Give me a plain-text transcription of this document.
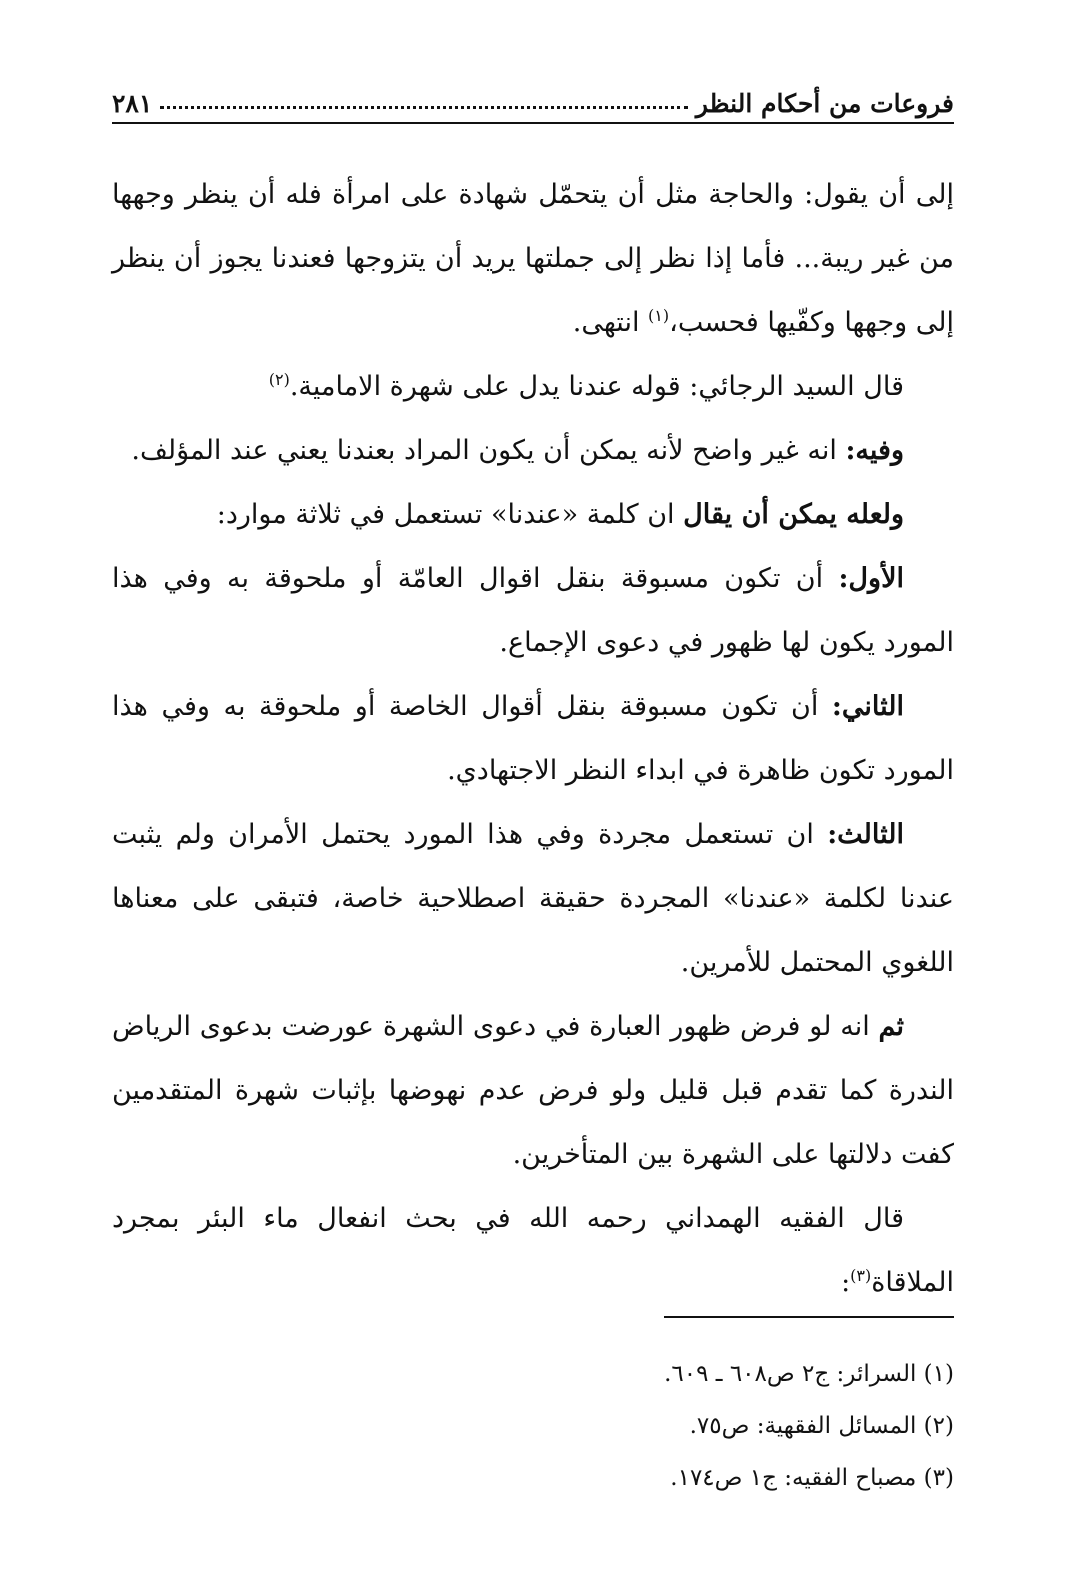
فروعات من أحكام النظر
٢٨١

إلى أن يقول: والحاجة مثل أن يتحمّل شهادة على امرأة فله أن ينظر وجهها من غير ريبة... فأما إذا نظر إلى جملتها يريد أن يتزوجها فعندنا يجوز أن ينظر إلى وجهها وكفّيها فحسب،$^{(١)}$ انتهى.

قال السيد الرجائي: قوله عندنا يدل على شهرة الامامية.$^{(٢)}$

وفيه: انه غير واضح لأنه يمكن أن يكون المراد بعندنا يعني عند المؤلف.

ولعله يمكن أن يقال ان كلمة «عندنا» تستعمل في ثلاثة موارد:

الأول: أن تكون مسبوقة بنقل اقوال العامّة أو ملحوقة به وفي هذا المورد يكون لها ظهور في دعوى الإجماع.

الثاني: أن تكون مسبوقة بنقل أقوال الخاصة أو ملحوقة به وفي هذا المورد تكون ظاهرة في ابداء النظر الاجتهادي.

الثالث: ان تستعمل مجردة وفي هذا المورد يحتمل الأمران ولم يثبت عندنا لكلمة «عندنا» المجردة حقيقة اصطلاحية خاصة، فتبقى على معناها اللغوي المحتمل للأمرين.

ثم انه لو فرض ظهور العبارة في دعوى الشهرة عورضت بدعوى الرياض الندرة كما تقدم قبل قليل ولو فرض عدم نهوضها بإثبات شهرة المتقدمين كفت دلالتها على الشهرة بين المتأخرين.

قال الفقيه الهمداني رحمه الله في بحث انفعال ماء البئر بمجرد الملاقاة$^{(٣)}$:

(١) السرائر: ج٢ ص٦٠٨ ـ ٦٠٩.
(٢) المسائل الفقهية: ص٧٥.
(٣) مصباح الفقيه: ج١ ص١٧٤.
